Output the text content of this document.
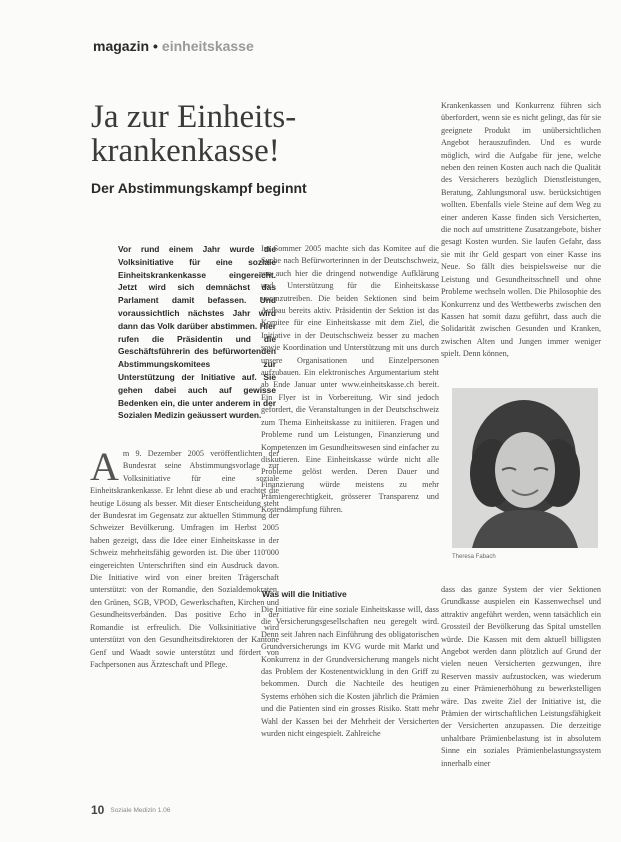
magazin • einheitskasse
Ja zur Einheits-
krankenkasse!
Der Abstimmungskampf beginnt
Vor rund einem Jahr wurde die Volksinitiative für eine soziale Einheitskrankenkasse eingereicht. Jetzt wird sich demnächst das Parlament damit befassen. Und voraussichtlich nächstes Jahr wird dann das Volk darüber abstimmen. Hier rufen die Präsidentin und die Geschäftsführerin des befürwortenden Abstimmungskomitees zur Unterstützung der Initiative auf. Sie gehen dabei auch auf gewisse Bedenken ein, die unter anderem in der Sozialen Medizin geäussert wurden.
Am 9. Dezember 2005 veröffentlichten der Bundesrat seine Abstimmungsvorlage zur Volksinitiative für eine soziale Einheitskrankenkasse. Er lehnt diese ab und erachtet die heutige Lösung als besser. Mit dieser Entscheidung steht der Bundesrat im Gegensatz zur aktuellen Stimmung der Schweizer Bevölkerung. Umfragen im Herbst 2005 haben gezeigt, dass die Idee einer Einheitskasse in der Schweiz mehrheitsfähig geworden ist. Die über 110'000 eingereichten Unterschriften sind ein Ausdruck davon. Die Initiative wird von einer breiten Trägerschaft unterstützt: von der Romandie, den Sozialdemokraten, den Grünen, SGB, VPOD, Gewerkschaften, Kirchen und Gesundheitsverbänden. Das positive Echo in der Romandie ist erfreulich. Die Volksinitiative wird unterstützt von den Gesundheitsdirektoren der Kantone Genf und Waadt sowie unterstützt und fördert von Fachpersonen aus Ärzteschaft und Pflege.
Im Sommer 2005 machte sich das Komitee auf die Suche nach Befürworterinnen in der Deutschschweiz, um auch hier die dringend notwendige Aufklärung und Unterstützung für die Einheitskasse voranzutreiben. Die beiden Sektionen sind beim Aufbau bereits aktiv. Präsidentin der Sektion ist das Komitee für eine Einheitskasse mit dem Ziel, die Initiative in der Deutschschweiz besser zu machen sowie Koordination und Unterstützung mit uns durch unsere Organisationen und Einzelpersonen aufzubauen. Ein elektronisches Argumentarium steht ab Ende Januar unter www.einheitskasse.ch bereit. Ein Flyer ist in Vorbereitung. Wir sind jedoch gefordert, die Veranstaltungen in der Deutschschweiz zum Thema Einheitskasse zu initiieren. Fragen und Probleme rund um Leistungen, Finanzierung und Kompetenzen im Gesundheitswesen sind einfacher zu diskutieren. Eine Einheitskasse würde nicht alle Probleme gelöst werden. Deren Dauer und Finanzierung würde meistens zu mehr Prämiengerechtigkeit, grösserer Transparenz und Kostendämpfung führen.
Was will die Initiative
Die Initiative für eine soziale Einheitskasse will, dass die Versicherungsgesellschaften neu geregelt wird. Denn seit Jahren nach Einführung des obligatorischen Grundversicherungs im KVG wurde mit Markt und Konkurrenz in der Grundversicherung mangels nicht das Problem der Kostenentwicklung in den Griff zu bekommen. Durch die Nachteile des heutigen Systems erhöhen sich die Kosten jährlich die Prämien und die Patienten sind ein grosses Risiko. Statt mehr Wahl der Kassen bei der Mehrheit der Versicherten wurden nicht eingespielt. Zahlreiche
Krankenkassen und Konkurrenz führen sich überfordert, wenn sie es nicht gelingt, das für sie geeignete Produkt im unübersichtlichen Angebot herauszufinden. Und es wurde möglich, wird die Aufgabe für jene, welche neben den reinen Kosten auch nach die Qualität des Versicherers bezüglich Dienstleistungen, Beratung, Zahlungsmoral usw. berücksichtigen wollten. Ebenfalls viele Steine auf dem Weg zu einer anderen Kasse finden sich Versicherten, die noch auf umstrittene Zusatzangebote, bisher gesagt Kosten wurden. Sie laufen Gefahr, dass sie mit ihr Geld gespart von einer Kasse ins Neue. So fällt dies beispielsweise nur die Leistung und Gesundheitsschnell und ohne Probleme wechseln wollen. Die Philosophie des Konkurrenz und des Wettbewerbs zwischen den Kassen hat somit dazu geführt, dass auch die Solidarität zwischen Gesunden und Kranken, zwischen Alten und Jungen immer weniger spielt. Denn können,
Theresa Fabach
dass das ganze System der vier Sektionen Grundkasse auspielen ein Kassenwechsel und attraktiv angeführt werden, wenn tatsächlich ein Grossteil der Bevölkerung das Spital umstellen würde. Die Kassen mit dem aktuell billigsten Angebot werden dann plötzlich auf Grund der vielen neuen Versicherten gezwungen, ihre Reserven massiv aufzustocken, was wiederum zu einer Prämienerhöhung zu bewerkstelligen wäre. Das zweite Ziel der Initiative ist, die Prämien der wirtschaftlichen Leistungsfähigkeit der Versicherten anzupassen. Die derzeitige unhaltbare Prämienbelastung ist in absolutem Sinne ein soziales Prämienbelastungssystem innerhalb einer
10 Soziale Medizin 1.06
